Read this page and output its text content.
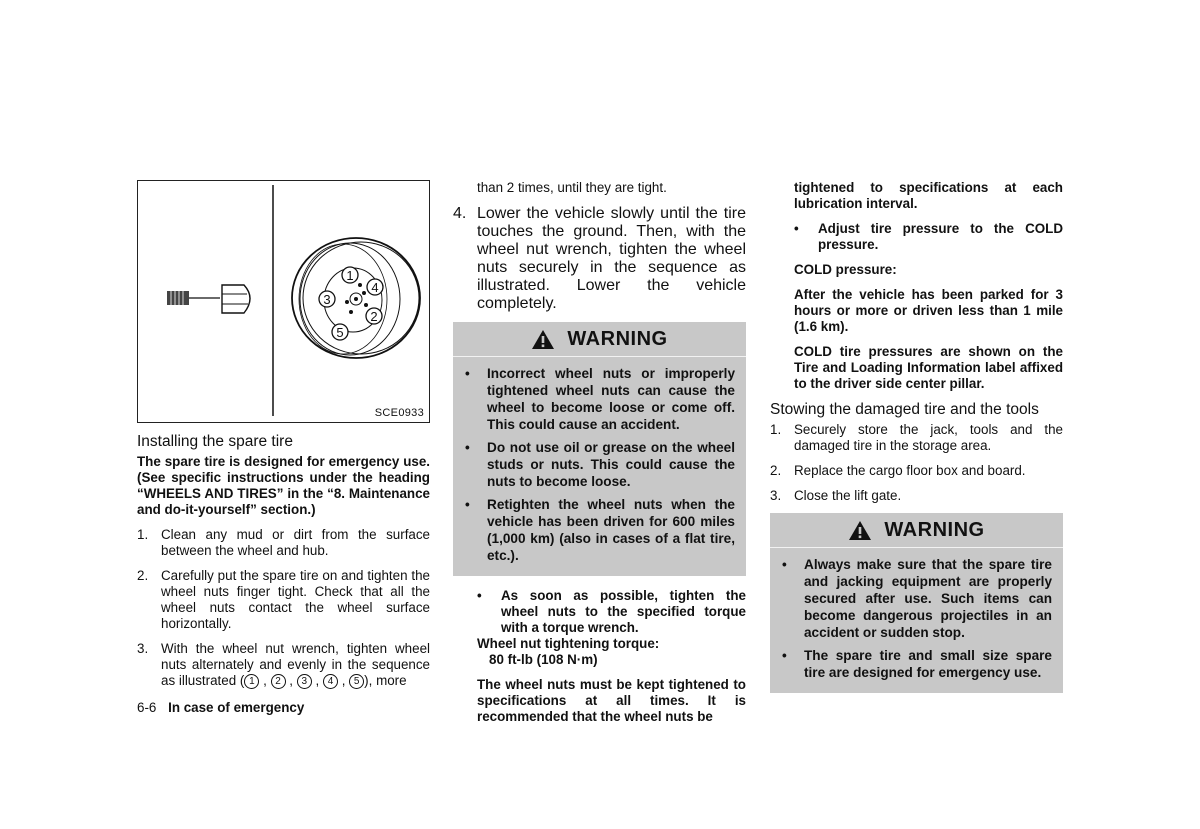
1
4
2
3
5
SCE0933
Installing the spare tire

The spare tire is designed for emergency use. (See specific instructions under the heading “WHEELS AND TIRES” in the “8. Maintenance and do-it-yourself” section.)

1. Clean any mud or dirt from the surface between the wheel and hub.
2. Carefully put the spare tire on and tighten the wheel nuts finger tight. Check that all the wheel nuts contact the wheel surface horizontally.
3. With the wheel nut wrench, tighten wheel nuts alternately and evenly in the sequence as illustrated ( 1 , 2 , 3 , 4 , 5 ), more

than 2 times, until they are tight.

4. Lower the vehicle slowly until the tire touches the ground. Then, with the wheel nut wrench, tighten the wheel nuts securely in the sequence as illustrated. Lower the vehicle completely.
WARNING
• Incorrect wheel nuts or improperly tightened wheel nuts can cause the wheel to become loose or come off. This could cause an accident.
• Do not use oil or grease on the wheel studs or nuts. This could cause the nuts to become loose.
• Retighten the wheel nuts when the vehicle has been driven for 600 miles (1,000 km) (also in cases of a flat tire, etc.).

• As soon as possible, tighten the wheel nuts to the specified torque with a torque wrench.

Wheel nut tightening torque:

80 ft-lb (108 N·m)

The wheel nuts must be kept tightened to specifications at all times. It is recommended that the wheel nuts be

tightened to specifications at each lubrication interval.

• Adjust tire pressure to the COLD pressure.

COLD pressure:

After the vehicle has been parked for 3 hours or more or driven less than 1 mile (1.6 km).

COLD tire pressures are shown on the Tire and Loading Information label affixed to the driver side center pillar.

Stowing the damaged tire and the tools
1. Securely store the jack, tools and the damaged tire in the storage area.
2. Replace the cargo floor box and board.
3. Close the lift gate.
WARNING
• Always make sure that the spare tire and jacking equipment are properly secured after use. Such items can become dangerous projectiles in an accident or sudden stop.
• The spare tire and small size spare tire are designed for emergency use.
6-6 In case of emergency
